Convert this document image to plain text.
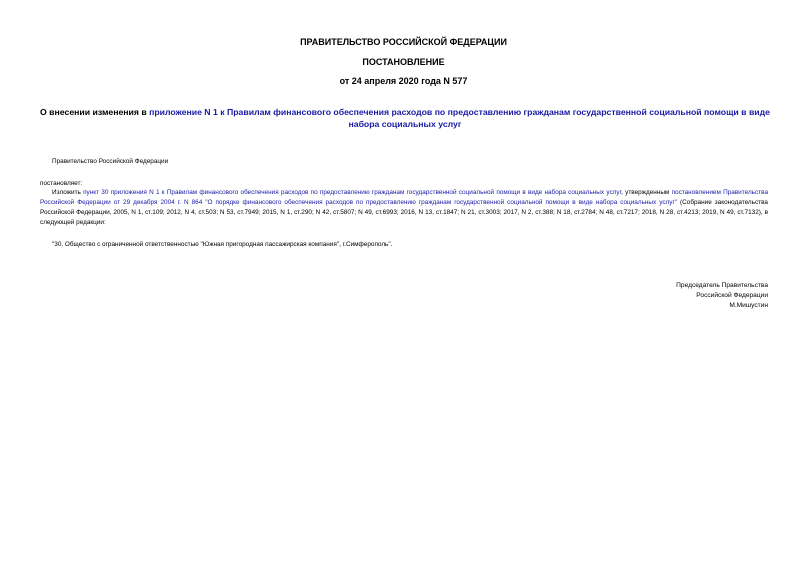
ПРАВИТЕЛЬСТВО РОССИЙСКОЙ ФЕДЕРАЦИИ
ПОСТАНОВЛЕНИЕ
от 24 апреля 2020 года N 577
О внесении изменения в приложение N 1 к Правилам финансового обеспечения расходов по предоставлению гражданам государственной социальной помощи в виде набора социальных услуг
Правительство Российской Федерации
постановляет:
Изложить пункт 30 приложения N 1 к Правилам финансового обеспечения расходов по предоставлению гражданам государственной социальной помощи в виде набора социальных услуг, утвержденным постановлением Правительства Российской Федерации от 29 декабря 2004 г. N 864 "О порядке финансового обеспечения расходов по предоставлению гражданам государственной социальной помощи в виде набора социальных услуг" (Собрание законодательства Российской Федерации, 2005, N 1, ст.109; 2012, N 4, ст.503; N 53, ст.7949; 2015, N 1, ст.290; N 42, ст.5807; N 49, ст.6993; 2016, N 13, ст.1847; N 21, ст.3003; 2017, N 2, ст.388; N 18, ст.2784; N 48, ст.7217; 2018, N 28, ст.4213; 2019, N 49, ст.7132), в следующей редакции:
"30. Общество с ограниченной ответственностью "Южная пригородная пассажирская компания", г.Симферополь".
Председатель Правительства
Российской Федерации
М.Мишустин
